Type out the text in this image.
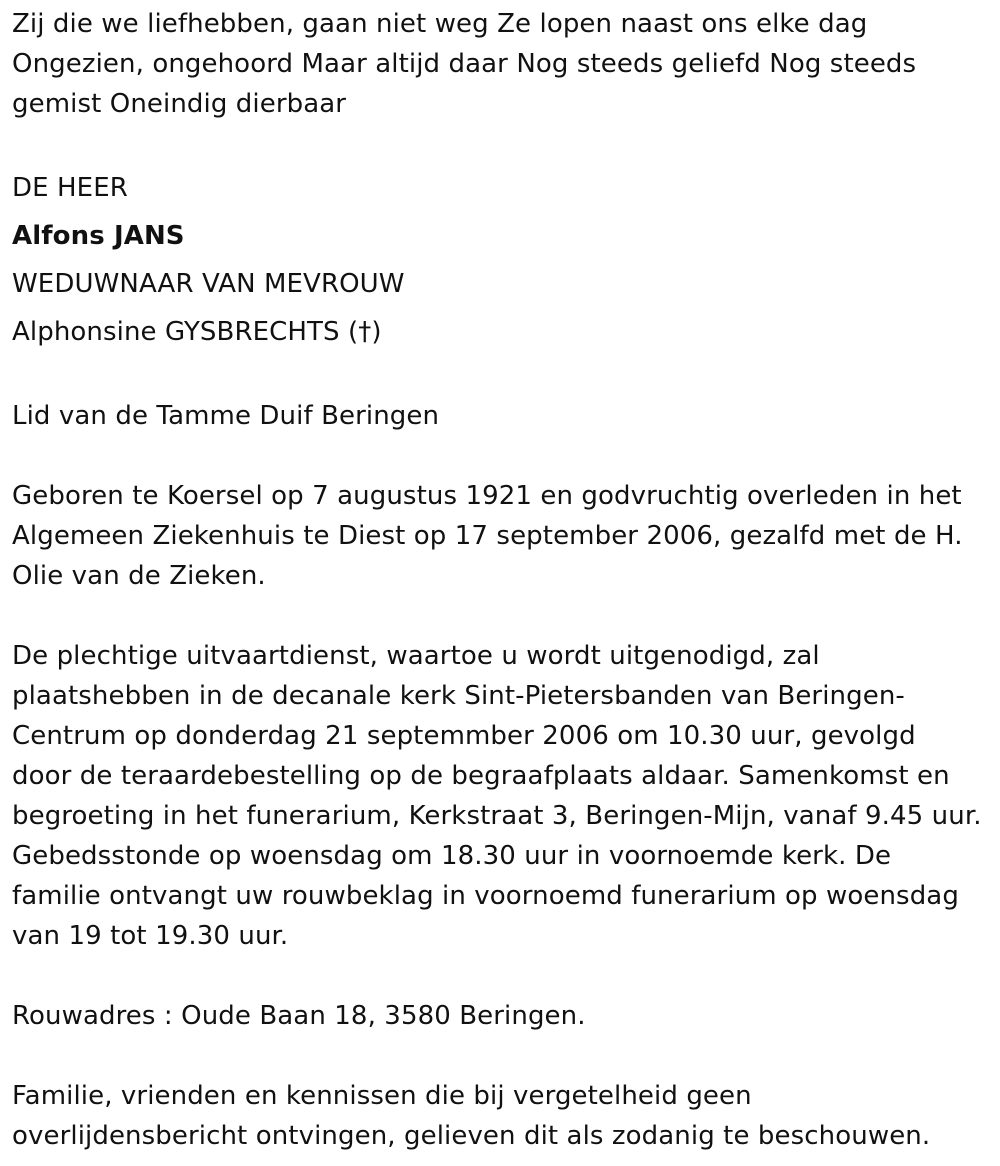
Zij die we liefhebben, gaan niet weg Ze lopen naast ons elke dag Ongezien, ongehoord Maar altijd daar Nog steeds geliefd Nog steeds gemist Oneindig dierbaar

DE HEER

Alfons JANS

WEDUWNAAR VAN MEVROUW

Alphonsine GYSBRECHTS (†)

Lid van de Tamme Duif Beringen

Geboren te Koersel op 7 augustus 1921 en godvruchtig overleden in het Algemeen Ziekenhuis te Diest op 17 september 2006, gezalfd met de H. Olie van de Zieken.

De plechtige uitvaartdienst, waartoe u wordt uitgenodigd, zal plaatshebben in de decanale kerk Sint-Pietersbanden van Beringen-Centrum op donderdag 21 septemmber 2006 om 10.30 uur, gevolgd door de teraardebestelling op de begraafplaats aldaar. Samenkomst en begroeting in het funerarium, Kerkstraat 3, Beringen-Mijn, vanaf 9.45 uur. Gebedsstonde op woensdag om 18.30 uur in voornoemde kerk. De familie ontvangt uw rouwbeklag in voornoemd funerarium op woensdag van 19 tot 19.30 uur.

Rouwadres : Oude Baan 18, 3580 Beringen.

Familie, vrienden en kennissen die bij vergetelheid geen overlijdensbericht ontvingen, gelieven dit als zodanig te beschouwen.
